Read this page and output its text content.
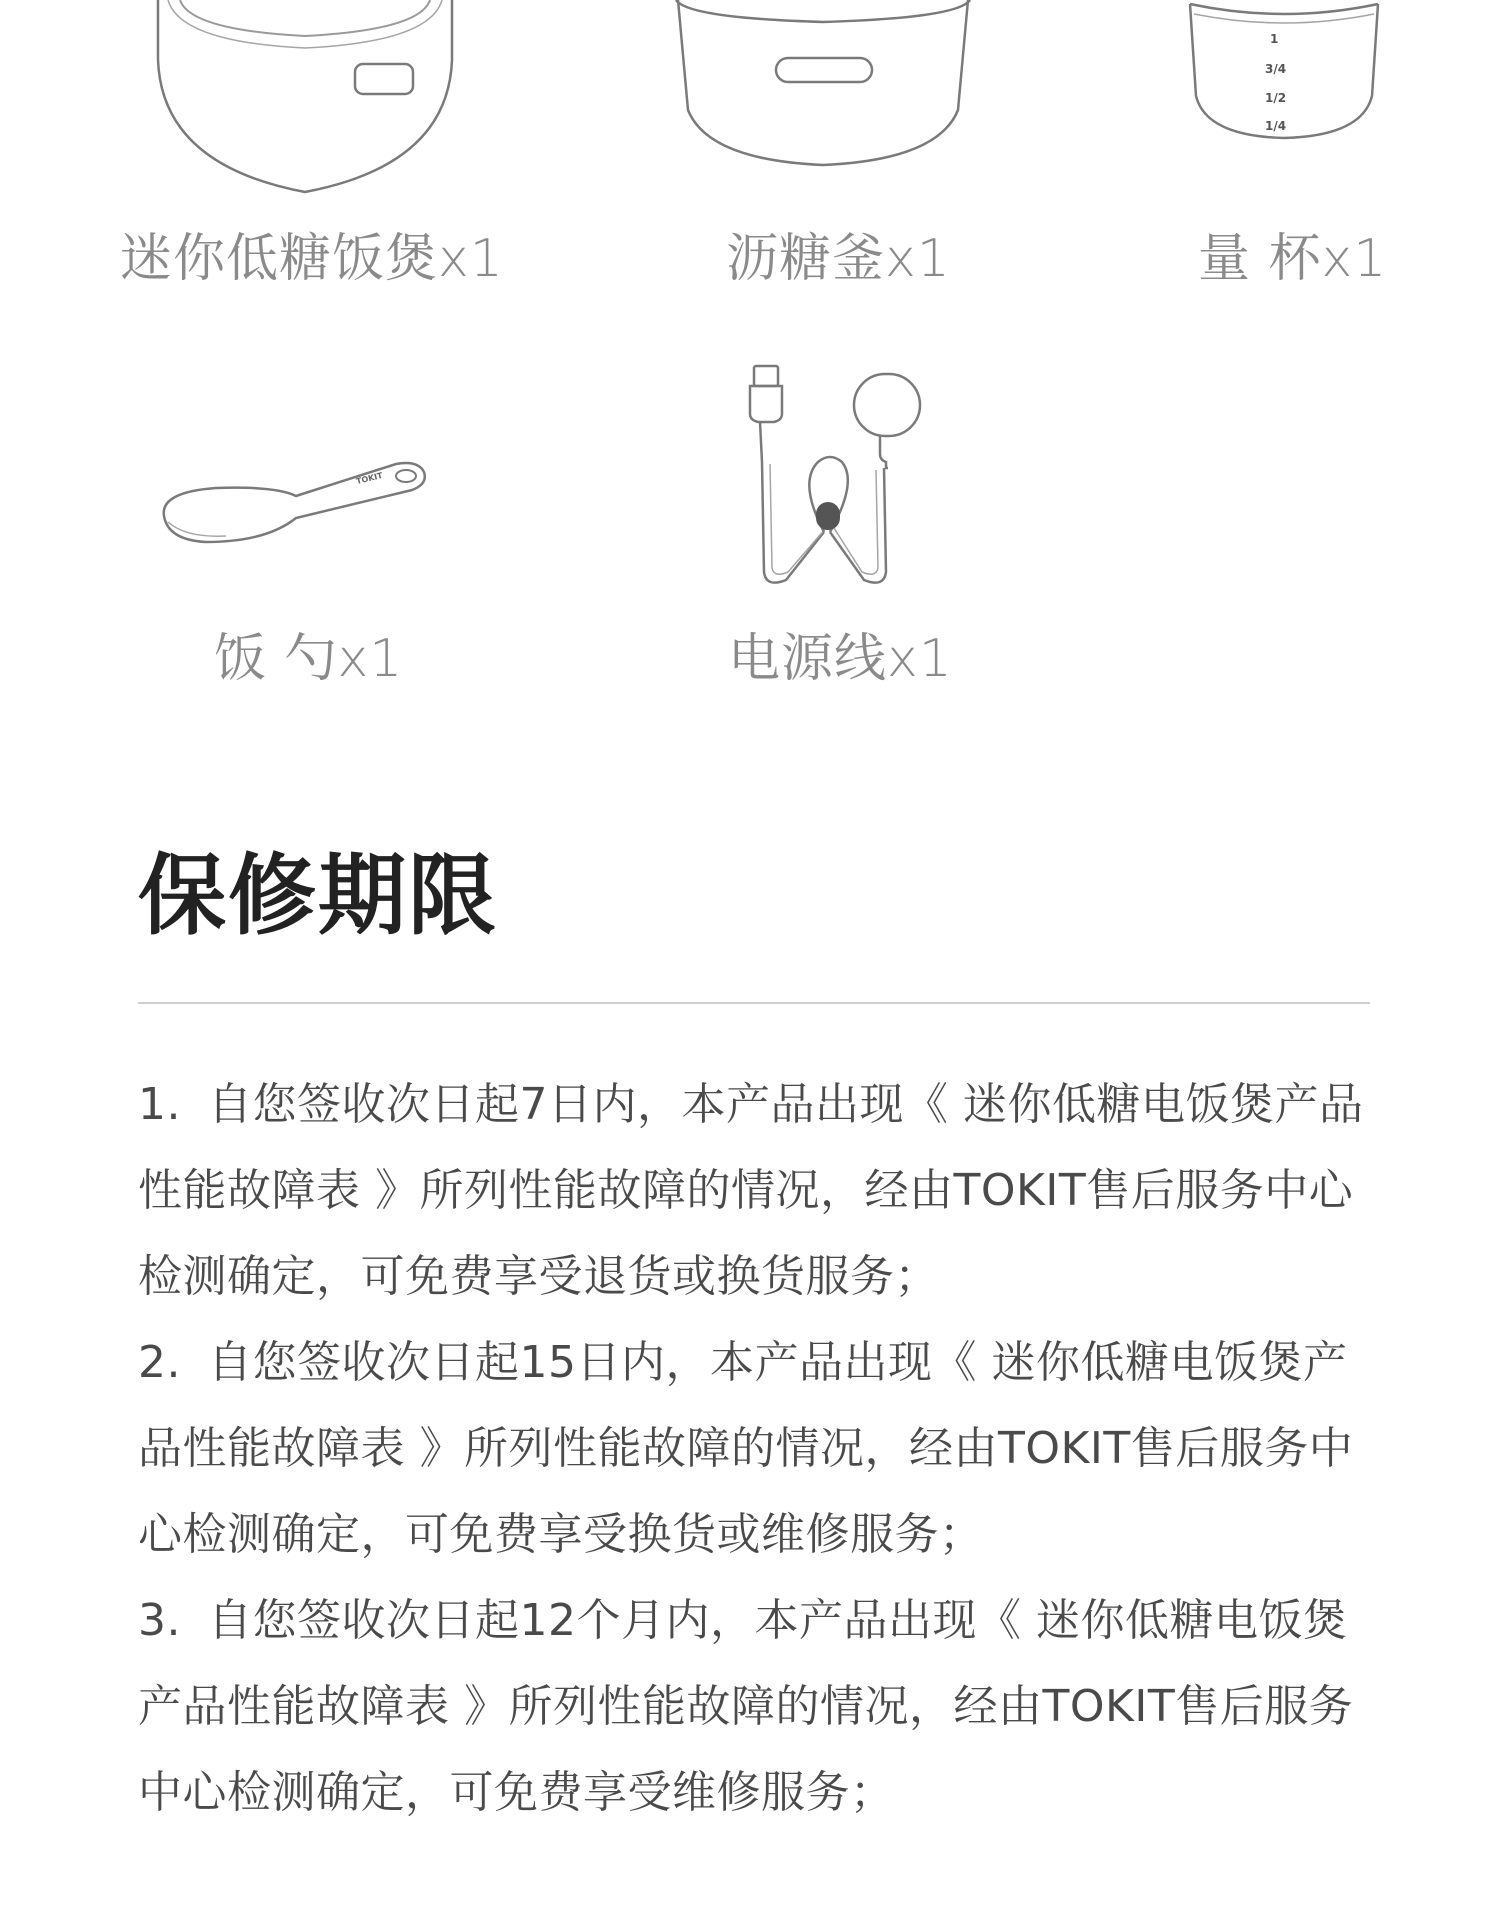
1
3/4
1/2
1/4
迷你低糖饭煲x1	沥糖釜x1	量 杯x1
TOKIT
饭 勺x1	电源线x1
保修期限

1. 自您签收次日起7日内，本产品出现《 迷你低糖电饭煲产品性能故障表 》所列性能故障的情况，经由TOKIT售后服务中心检测确定，可免费享受退货或换货服务；

2. 自您签收次日起15日内，本产品出现《 迷你低糖电饭煲产品性能故障表 》所列性能故障的情况，经由TOKIT售后服务中心检测确定，可免费享受换货或维修服务；

3. 自您签收次日起12个月内，本产品出现《 迷你低糖电饭煲产品性能故障表 》所列性能故障的情况，经由TOKIT售后服务中心检测确定，可免费享受维修服务；
